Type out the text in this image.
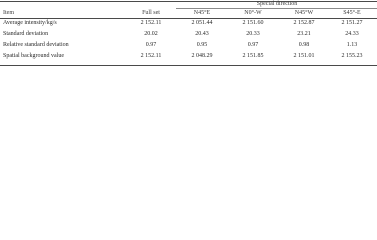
Special direction
Item	Full set	N45°E	N0°-W	N45°W	S45°-E
Average intensity/kg/s	2 152.11	2 051.44	2 151.60	2 152.87	2 151.27
Standard deviation	20.02	20.43	20.33	23.21	24.33
Relative standard deviation	0.97	0.95	0.97	0.98	1.13
Spatial background value	2 152.11	2 048.29	2 151.85	2 151.01	2 155.23
